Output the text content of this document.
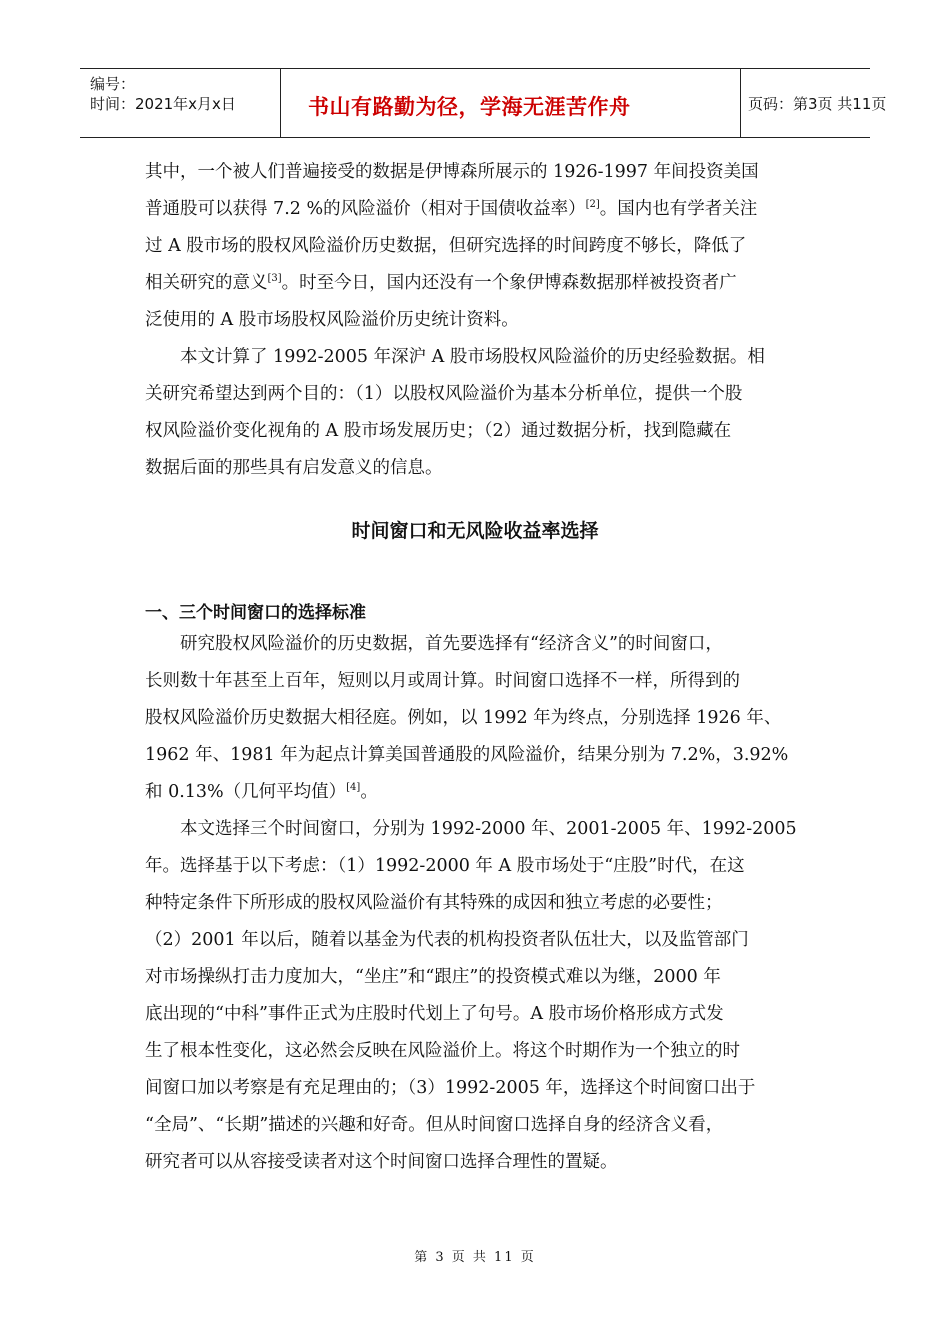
编号：
时间：2021年x月x日	书山有路勤为径，学海无涯苦作舟	页码：第3页 共11页
其中，一个被人们普遍接受的数据是伊博森所展示的 1926-1997 年间投资美国
普通股可以获得 7.2 %的风险溢价（相对于国债收益率）[2]。国内也有学者关注
过 A 股市场的股权风险溢价历史数据，但研究选择的时间跨度不够长，降低了
相关研究的意义[3]。时至今日，国内还没有一个象伊博森数据那样被投资者广
泛使用的 A 股市场股权风险溢价历史统计资料。
本文计算了 1992-2005 年深沪 A 股市场股权风险溢价的历史经验数据。相
关研究希望达到两个目的：（1）以股权风险溢价为基本分析单位，提供一个股
权风险溢价变化视角的 A 股市场发展历史；（2）通过数据分析，找到隐藏在
数据后面的那些具有启发意义的信息。
时间窗口和无风险收益率选择
一、三个时间窗口的选择标准
研究股权风险溢价的历史数据，首先要选择有“经济含义”的时间窗口，
长则数十年甚至上百年，短则以月或周计算。时间窗口选择不一样，所得到的
股权风险溢价历史数据大相径庭。例如，以 1992 年为终点，分别选择 1926 年、
1962 年、1981 年为起点计算美国普通股的风险溢价，结果分别为 7.2%，3.92%
和 0.13%（几何平均值）[4]。
本文选择三个时间窗口，分别为 1992-2000 年、2001-2005 年、1992-2005
年。选择基于以下考虑：（1）1992-2000 年 A 股市场处于“庄股”时代，在这
种特定条件下所形成的股权风险溢价有其特殊的成因和独立考虑的必要性；
（2）2001 年以后，随着以基金为代表的机构投资者队伍壮大，以及监管部门
对市场操纵打击力度加大，“坐庄”和“跟庄”的投资模式难以为继，2000 年
底出现的“中科”事件正式为庄股时代划上了句号。A 股市场价格形成方式发
生了根本性变化，这必然会反映在风险溢价上。将这个时期作为一个独立的时
间窗口加以考察是有充足理由的；（3）1992-2005 年，选择这个时间窗口出于
“全局”、“长期”描述的兴趣和好奇。但从时间窗口选择自身的经济含义看，
研究者可以从容接受读者对这个时间窗口选择合理性的置疑。
第 3 页 共 11 页
